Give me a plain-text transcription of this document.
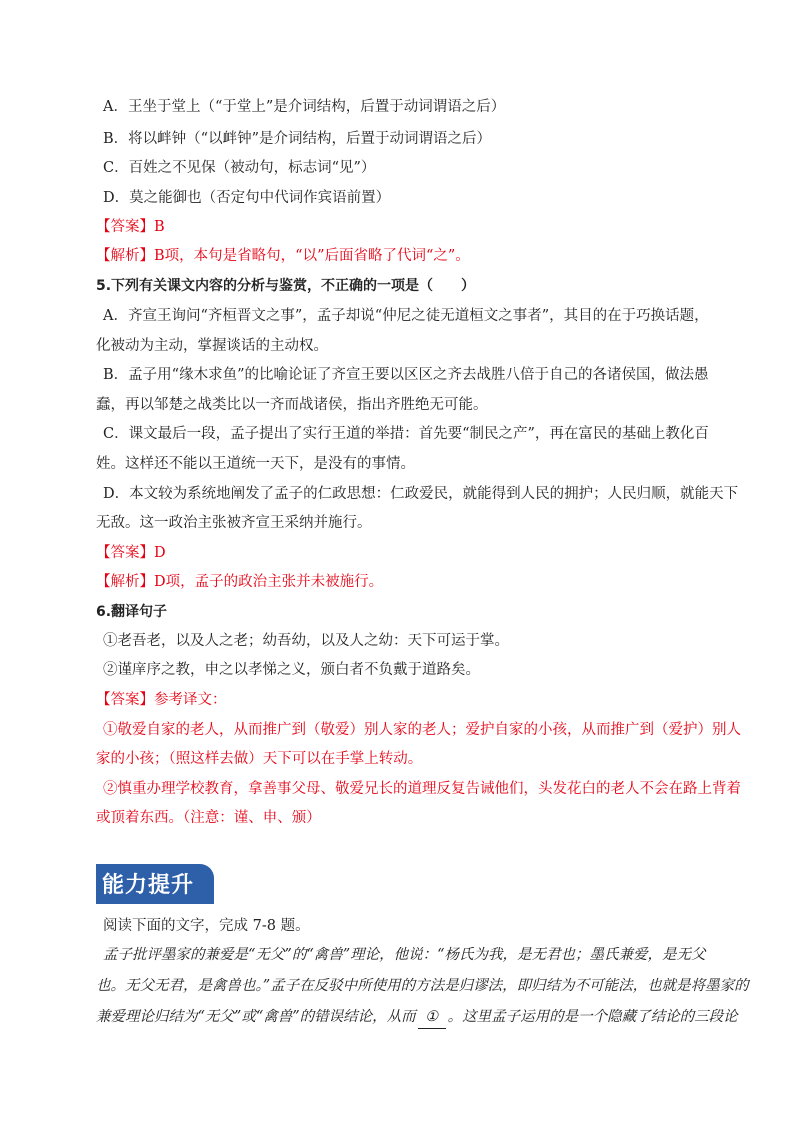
A．王坐于堂上（“于堂上”是介词结构，后置于动词谓语之后）
B．将以衅钟（“以衅钟”是介词结构，后置于动词谓语之后）
C．百姓之不见保（被动句，标志词“见”）
D．莫之能御也（否定句中代词作宾语前置）
【答案】B
【解析】B项，本句是省略句，“以”后面省略了代词“之”。
5.下列有关课文内容的分析与鉴赏，不正确的一项是（　　）
A．齐宣王询问“齐桓晋文之事”，孟子却说“仲尼之徒无道桓文之事者”，其目的在于巧换话题，
化被动为主动，掌握谈话的主动权。
B．孟子用“缘木求鱼”的比喻论证了齐宣王要以区区之齐去战胜八倍于自己的各诸侯国，做法愚
蠢，再以邹楚之战类比以一齐而战诸侯，指出齐胜绝无可能。
C．课文最后一段，孟子提出了实行王道的举措：首先要“制民之产”，再在富民的基础上教化百
姓。这样还不能以王道统一天下，是没有的事情。
D．本文较为系统地阐发了孟子的仁政思想：仁政爱民，就能得到人民的拥护；人民归顺，就能天下
无敌。这一政治主张被齐宣王采纳并施行。
【答案】D
【解析】D项，孟子的政治主张并未被施行。
6.翻译句子
①老吾老，以及人之老；幼吾幼，以及人之幼：天下可运于掌。
②谨庠序之教，申之以孝悌之义，颁白者不负戴于道路矣。
【答案】参考译文：
①敬爱自家的老人，从而推广到（敬爱）别人家的老人；爱护自家的小孩，从而推广到（爱护）别人
家的小孩；（照这样去做）天下可以在手掌上转动。
②慎重办理学校教育，拿善事父母、敬爱兄长的道理反复告诫他们，头发花白的老人不会在路上背着
或顶着东西。（注意：谨、申、颁）
能力提升
阅读下面的文字，完成 7-8 题。
孟子批评墨家的兼爱是“无父”的“禽兽”理论，他说：“杨氏为我，是无君也；墨氏兼爱，是无父
也。无父无君，是禽兽也。”孟子在反驳中所使用的方法是归谬法，即归结为不可能法，也就是将墨家的
兼爱理论归结为“无父”或“禽兽”的错误结论，从而 ① 。这里孟子运用的是一个隐藏了结论的三段论
